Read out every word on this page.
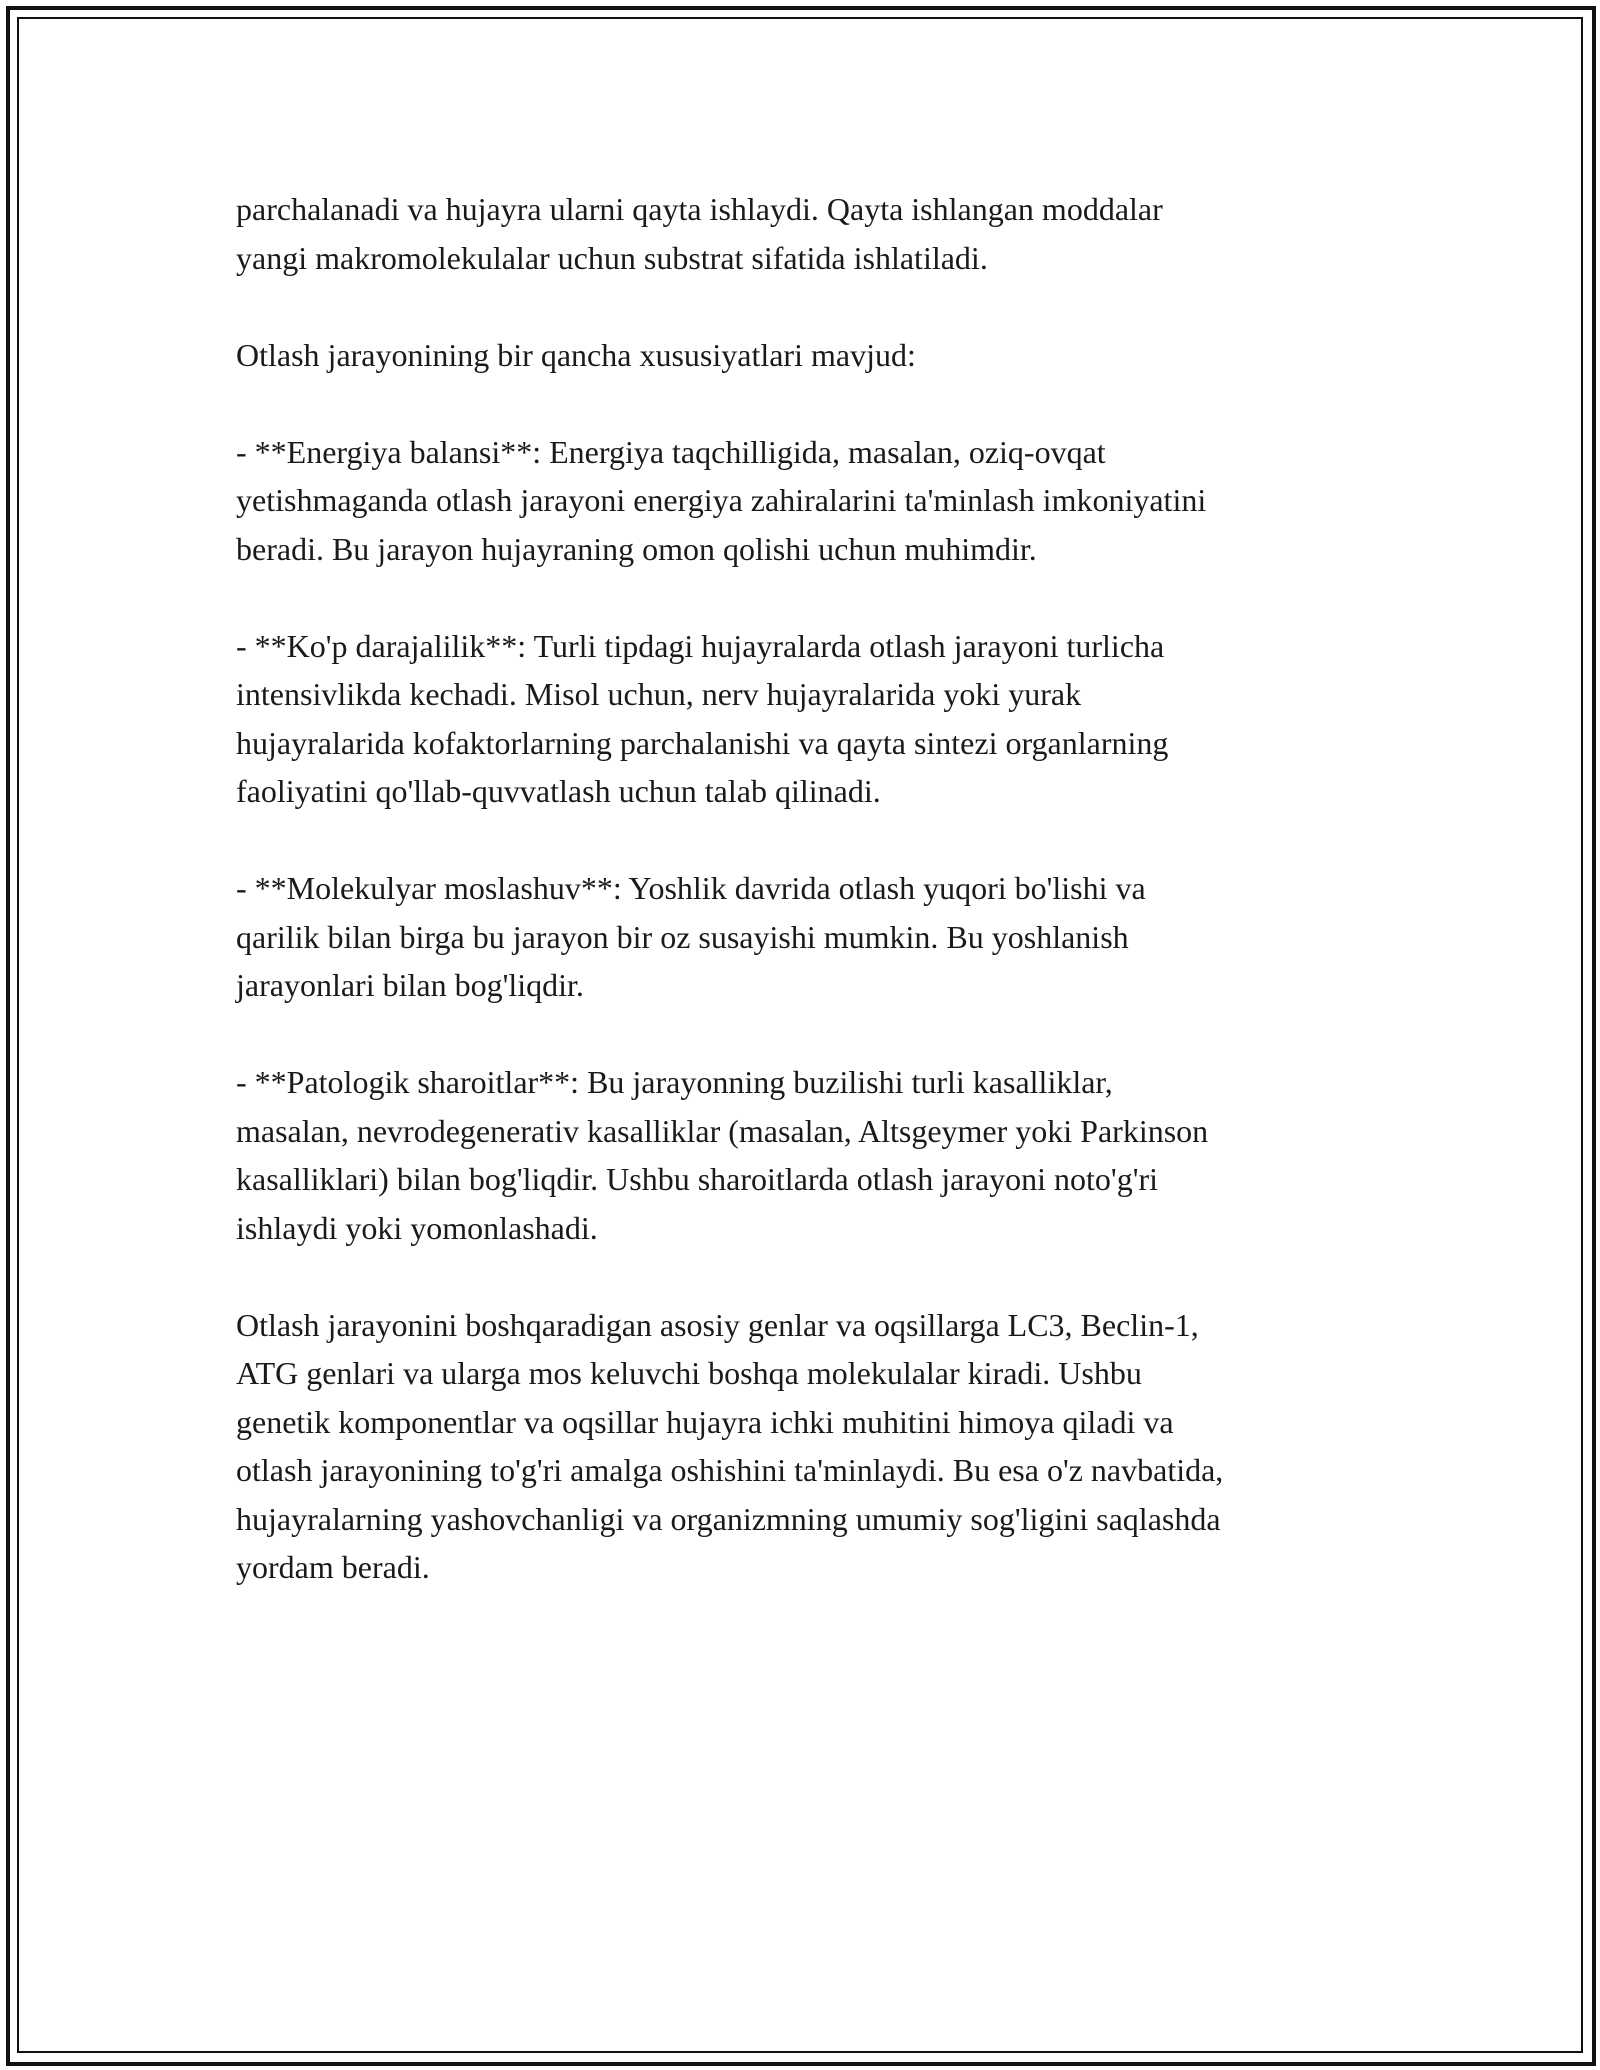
parchalanadi va hujayra ularni qayta ishlaydi. Qayta ishlangan moddalar
yangi makromolekulalar uchun substrat sifatida ishlatiladi.

Otlash jarayonining bir qancha xususiyatlari mavjud:

- **Energiya balansi**: Energiya taqchilligida, masalan, oziq-ovqat
yetishmaganda otlash jarayoni energiya zahiralarini ta'minlash imkoniyatini
beradi. Bu jarayon hujayraning omon qolishi uchun muhimdir.

- **Ko'p darajalilik**: Turli tipdagi hujayralarda otlash jarayoni turlicha
intensivlikda kechadi. Misol uchun, nerv hujayralarida yoki yurak
hujayralarida kofaktorlarning parchalanishi va qayta sintezi organlarning
faoliyatini qo'llab-quvvatlash uchun talab qilinadi.

- **Molekulyar moslashuv**: Yoshlik davrida otlash yuqori bo'lishi va
qarilik bilan birga bu jarayon bir oz susayishi mumkin. Bu yoshlanish
jarayonlari bilan bog'liqdir.

- **Patologik sharoitlar**: Bu jarayonning buzilishi turli kasalliklar,
masalan, nevrodegenerativ kasalliklar (masalan, Altsgeymer yoki Parkinson
kasalliklari) bilan bog'liqdir. Ushbu sharoitlarda otlash jarayoni noto'g'ri
ishlaydi yoki yomonlashadi.

Otlash jarayonini boshqaradigan asosiy genlar va oqsillarga LC3, Beclin-1,
ATG genlari va ularga mos keluvchi boshqa molekulalar kiradi. Ushbu
genetik komponentlar va oqsillar hujayra ichki muhitini himoya qiladi va
otlash jarayonining to'g'ri amalga oshishini ta'minlaydi. Bu esa o'z navbatida,
hujayralarning yashovchanligi va organizmning umumiy sog'ligini saqlashda
yordam beradi.
